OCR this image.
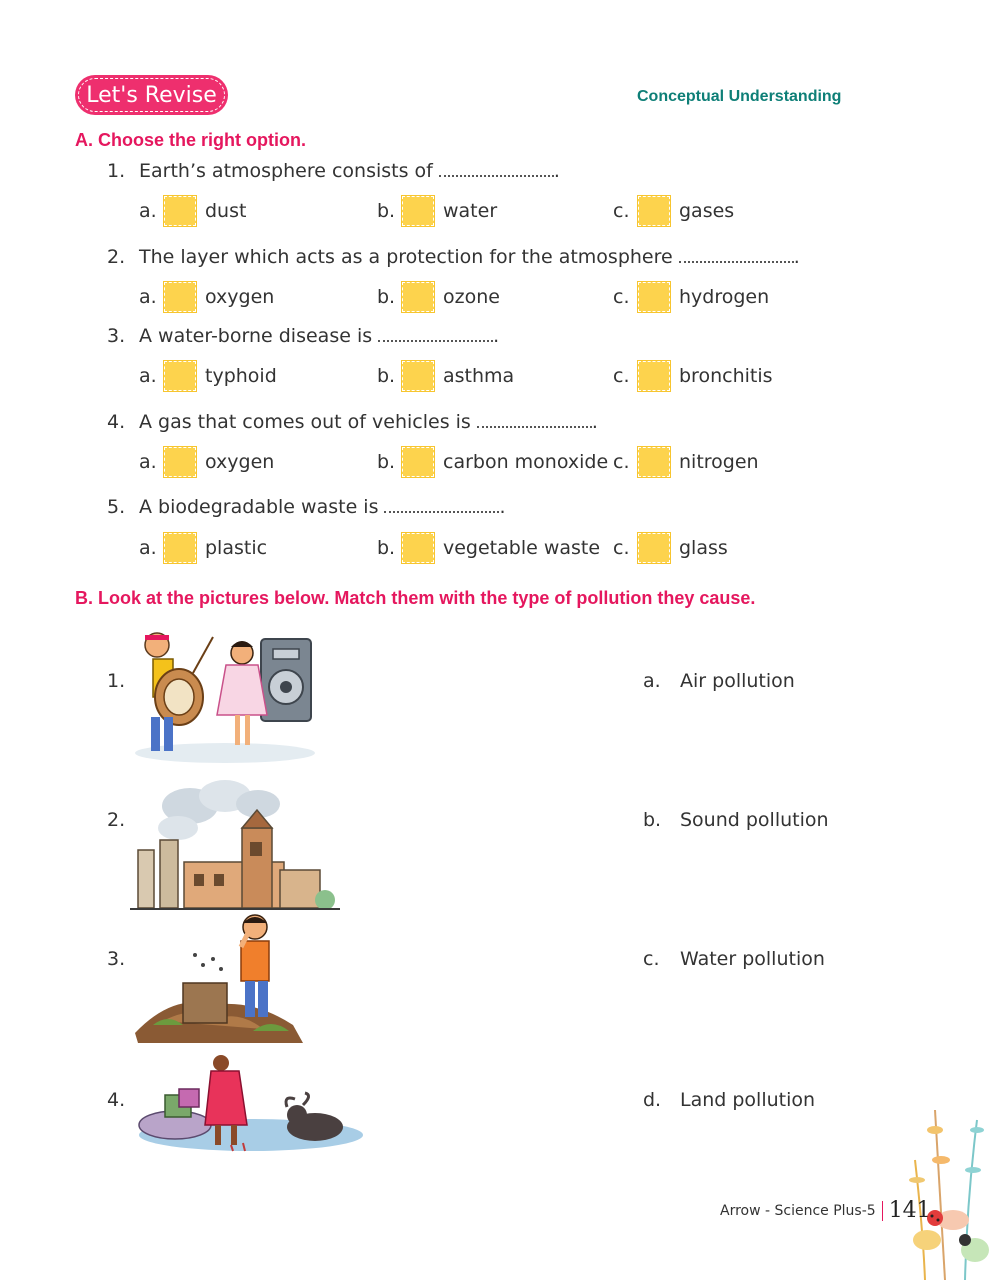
Let's Revise	Conceptual Understanding
A. Choose the right option.
1. Earth’s atmosphere consists of	.
a.	dust	b.	water	c.	gases
2. The layer which acts as a protection for the atmosphere	.
a.	oxygen	b.	ozone	c.	hydrogen
3. A water-borne disease is	.
a.	typhoid	b.	asthma	c.	bronchitis
4. A gas that comes out of vehicles is	.
a.	oxygen	b.	carbon monoxide c.	nitrogen
5. A biodegradable waste is	.
a.	plastic	b.	vegetable waste c.	glass
B. Look at the pictures below. Match them with the type of pollution they cause.
1.
2.
3.
4.
a. Air pollution
b. Sound pollution
c. Water pollution
d. Land pollution
Arrow - Science Plus-5 141
